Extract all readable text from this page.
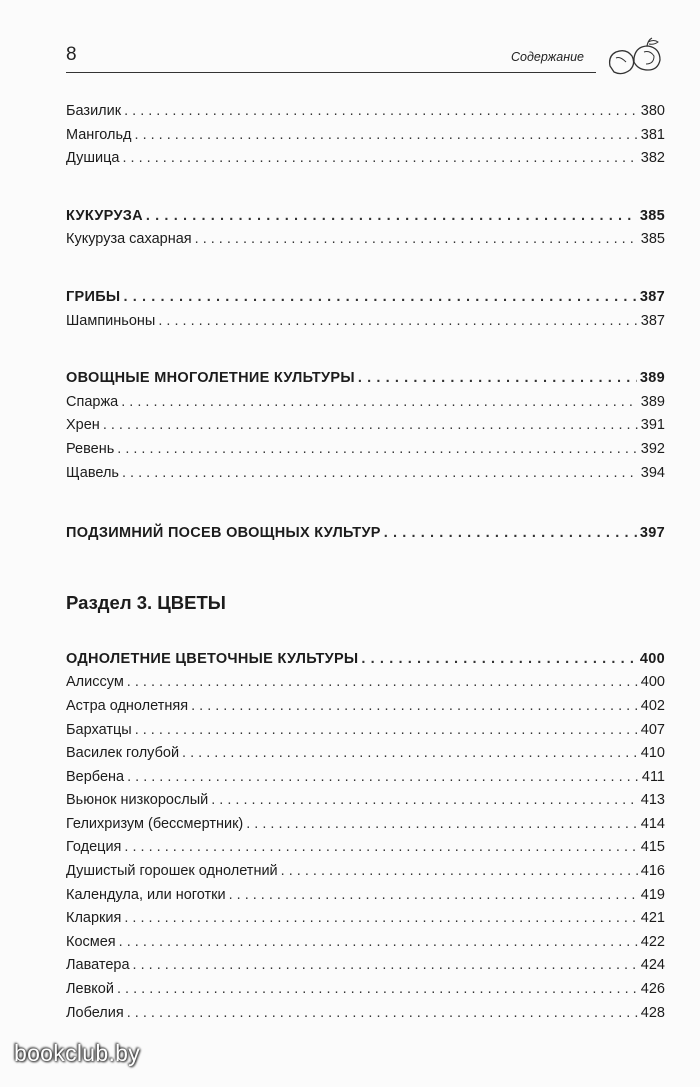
8	Содержание
Базилик . . .	380
Мангольд . . .	381
Душица . . .	382
КУКУРУЗА . . .	385
Кукуруза сахарная . . .	385
ГРИБЫ . . .	387
Шампиньоны . . .	387
ОВОЩНЫЕ МНОГОЛЕТНИЕ КУЛЬТУРЫ . . .	389
Спаржа . . .	389
Хрен . . .	391
Ревень . . .	392
Щавель . . .	394
ПОДЗИМНИЙ ПОСЕВ ОВОЩНЫХ КУЛЬТУР . . .	397
Раздел 3. ЦВЕТЫ
ОДНОЛЕТНИЕ ЦВЕТОЧНЫЕ КУЛЬТУРЫ . . .	400
Алиссум . . .	400
Астра однолетняя . . .	402
Бархатцы . . .	407
Василек голубой . . .	410
Вербена . . .	411
Вьюнок низкорослый . . .	413
Гелихризум (бессмертник) . . .	414
Годеция . . .	415
Душистый горошек однолетний . . .	416
Календула, или ноготки . . .	419
Кларкия . . .	421
Космея . . .	422
Лаватера . . .	424
Левкой . . .	426
Лобелия . . .	428
bookclub.by
